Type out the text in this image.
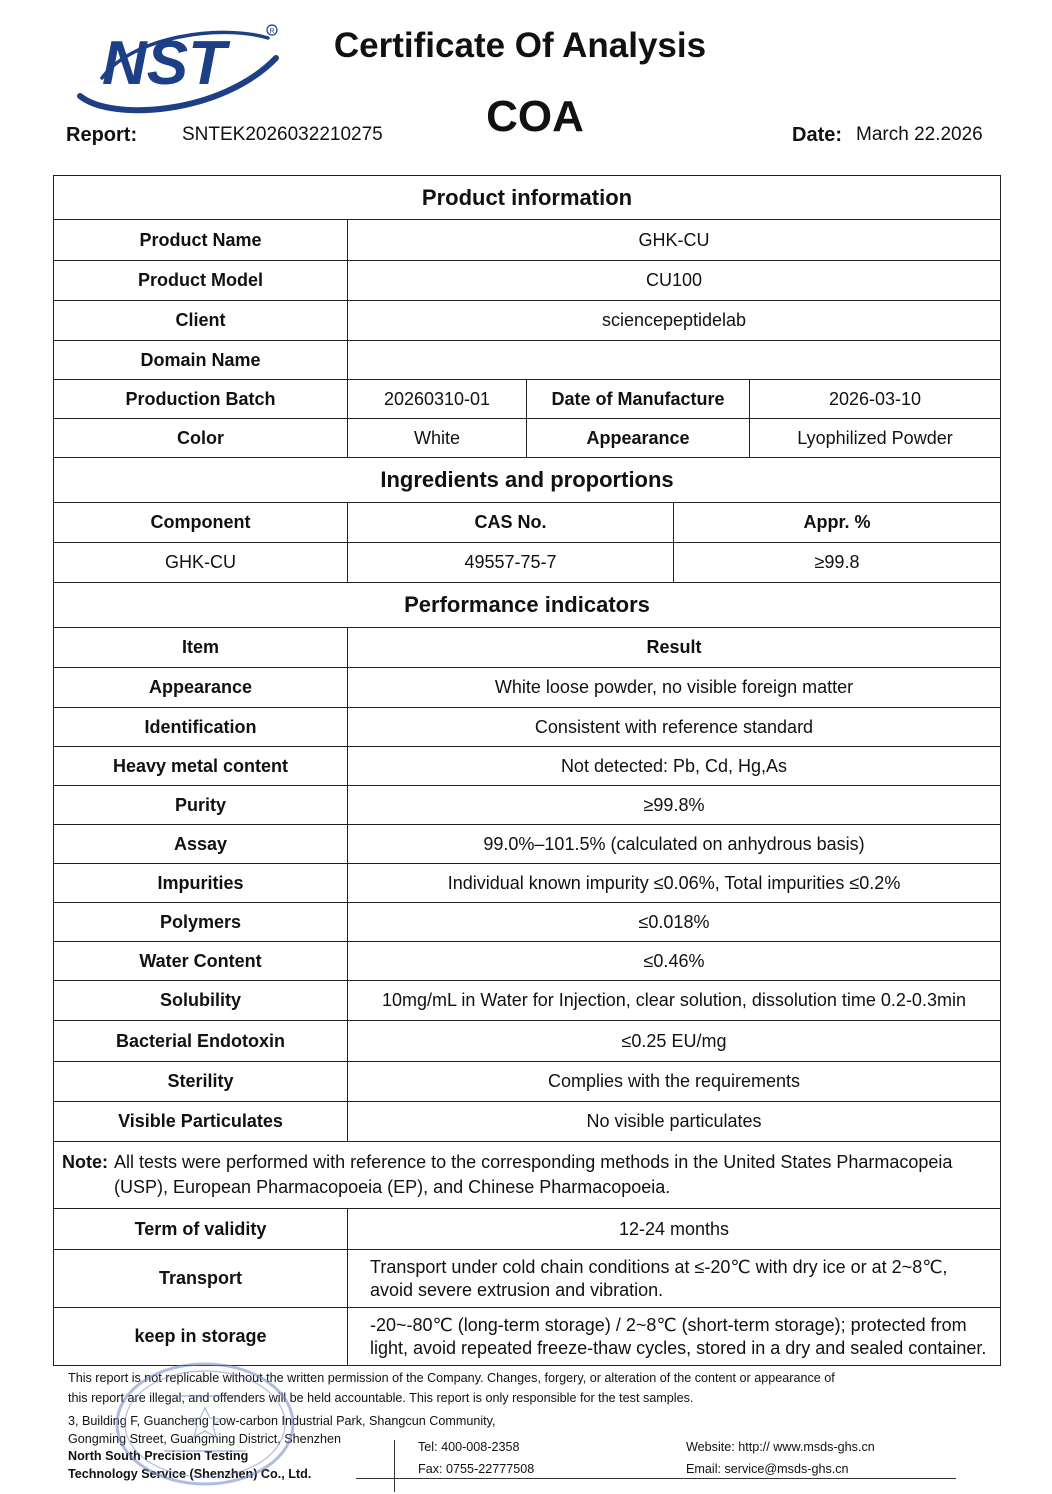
NST	R	Certificate Of Analysis
COA
Report: SNTEK2026032210275	Date: March 22.2026
Product information				
Product Name	GHK-CU			
Product Model	CU100			
Client	sciencepeptidelab			
Domain Name				
Production Batch	20260310-01	Date of Manufacture		2026-03-10
Color	White	Appearance		Lyophilized Powder
Ingredients and proportions				
Component	CAS No.		Appr. %	
GHK-CU	49557-75-7		≥99.8	
Performance indicators				
Item	Result			
Appearance	White loose powder, no visible foreign matter			
Identification	Consistent with reference standard			
Heavy metal content	Not detected: Pb, Cd, Hg,As			
Purity	≥99.8%			
Assay	99.0%–101.5% (calculated on anhydrous basis)			
Impurities	Individual known impurity ≤0.06%, Total impurities ≤0.2%			
Polymers	≤0.018%			
Water Content	≤0.46%			
Solubility	10mg/mL in Water for Injection, clear solution, dissolution time 0.2-0.3min			
Bacterial Endotoxin	≤0.25 EU/mg			
Sterility	Complies with the requirements			
Visible Particulates	No visible particulates			

Note: All tests were performed with reference to the corresponding methods in the United States Pharmacopeia (USP), European Pharmacopoeia (EP), and Chinese Pharmacopoeia.				

Term of validity	12-24 months			
Transport	Transport under cold chain conditions at ≤-20℃ with dry ice or at 2~8℃, avoid severe extrusion and vibration.			
keep in storage	-20~-80℃ (long-term storage) / 2~8℃ (short-term storage); protected from light, avoid repeated freeze-thaw cycles, stored in a dry and sealed container.			
This report is not replicable without the written permission of the Company. Changes, forgery, or alteration of the content or appearance of
this report are illegal, and offenders will be held accountable. This report is only responsible for the test samples.
3, Building F, Guancheng Low-carbon Industrial Park, Shangcun Community,
Gongming Street, Guangming District, Shenzhen
North South Precision Testing
Technology Service (Shenzhen) Co., Ltd.
Tel: 400-008-2358
Fax: 0755-22777508
Website: http:// www.msds-ghs.cn
Email: service@msds-ghs.cn
